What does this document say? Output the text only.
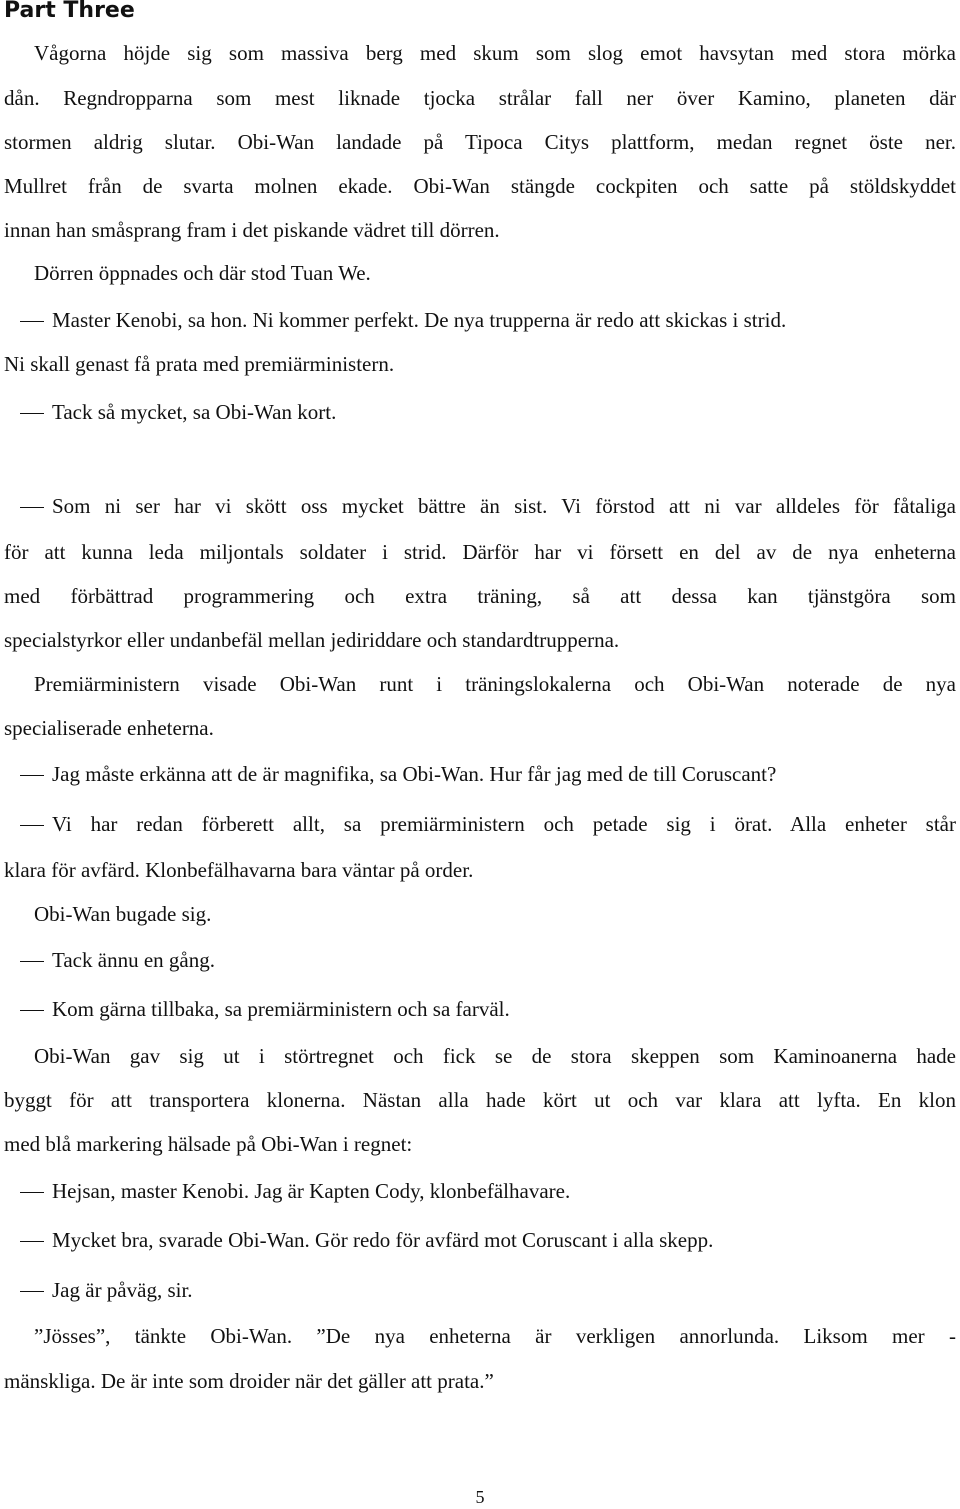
Part Three
Vågorna höjde sig som massiva berg med skum som slog emot havsytan med stora mörka
dån. Regndropparna som mest liknade tjocka strålar fall ner över Kamino, planeten där
stormen aldrig slutar. Obi-Wan landade på Tipoca Citys plattform, medan regnet öste ner.
Mullret från de svarta molnen ekade. Obi-Wan stängde cockpiten och satte på stöldskyddet
innan han småsprang fram i det piskande vädret till dörren.
Dörren öppnades och där stod Tuan We.
Master Kenobi, sa hon. Ni kommer perfekt. De nya trupperna är redo att skickas i strid.
Ni skall genast få prata med premiärministern.
Tack så mycket, sa Obi-Wan kort.
Som ni ser har vi skött oss mycket bättre än sist. Vi förstod att ni var alldeles för fåtaliga
för att kunna leda miljontals soldater i strid. Därför har vi försett en del av de nya enheterna
med förbättrad programmering och extra träning, så att dessa kan tjänstgöra som
specialstyrkor eller undanbefäl mellan jediriddare och standardtrupperna.
Premiärministern visade Obi-Wan runt i träningslokalerna och Obi-Wan noterade de nya
specialiserade enheterna.
Jag måste erkänna att de är magnifika, sa Obi-Wan. Hur får jag med de till Coruscant?
Vi har redan förberett allt, sa premiärministern och petade sig i örat. Alla enheter står
klara för avfärd. Klonbefälhavarna bara väntar på order.
Obi-Wan bugade sig.
Tack ännu en gång.
Kom gärna tillbaka, sa premiärministern och sa farväl.
Obi-Wan gav sig ut i störtregnet och fick se de stora skeppen som Kaminoanerna hade
byggt för att transportera klonerna. Nästan alla hade kört ut och var klara att lyfta. En klon
med blå markering hälsade på Obi-Wan i regnet:
Hejsan, master Kenobi. Jag är Kapten Cody, klonbefälhavare.
Mycket bra, svarade Obi-Wan. Gör redo för avfärd mot Coruscant i alla skepp.
Jag är påväg, sir.
”Jösses”, tänkte Obi-Wan. ”De nya enheterna är verkligen annorlunda. Liksom mer -
mänskliga. De är inte som droider när det gäller att prata.”
5
